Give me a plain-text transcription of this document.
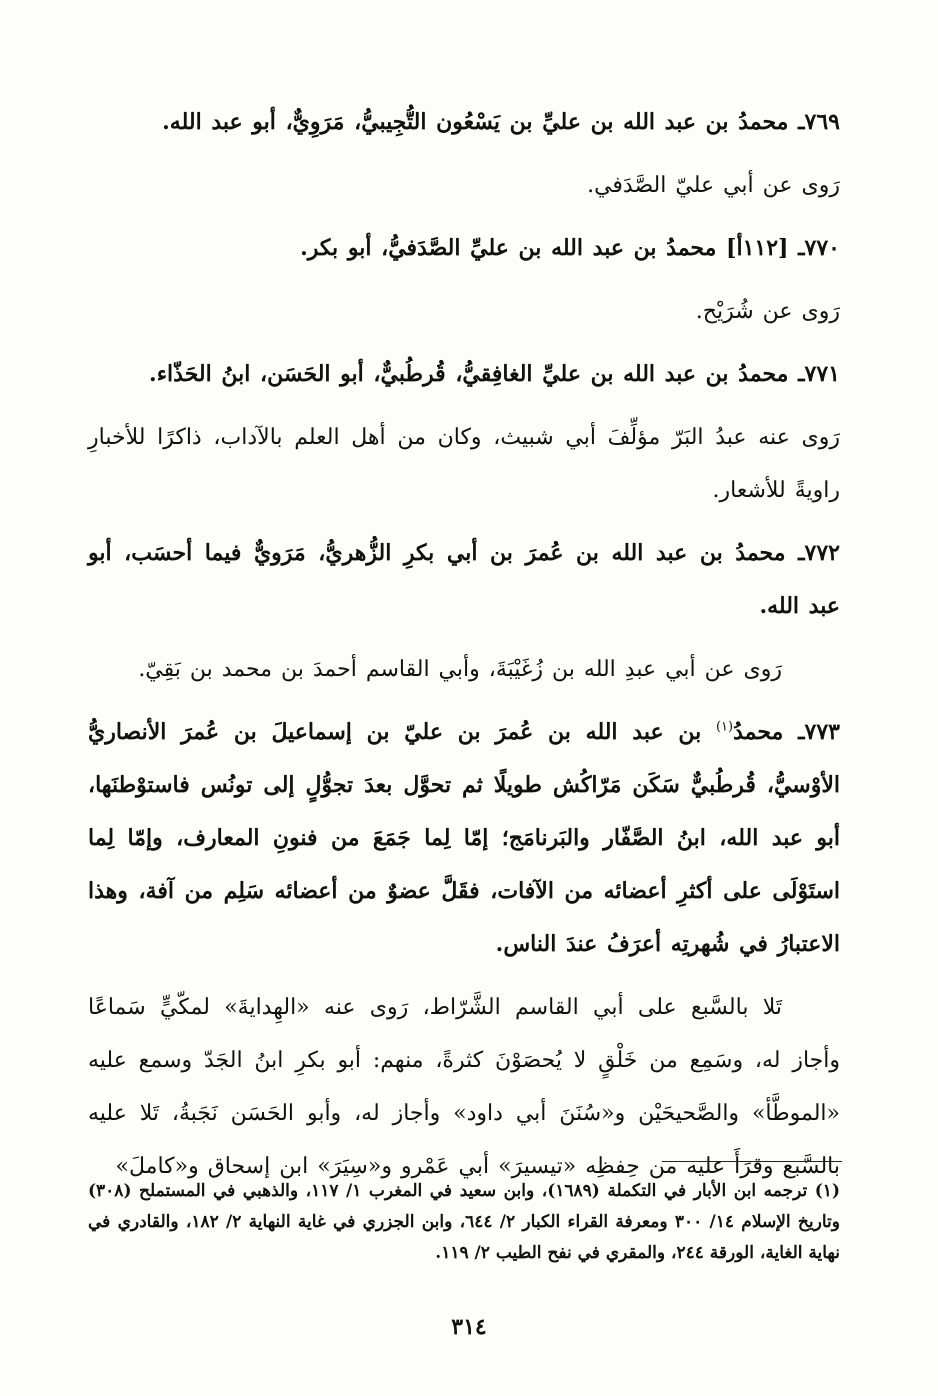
٧٦٩ـ محمدُ بن عبد الله بن عليِّ بن يَسْعُون التُّجِيبيُّ، مَرَوِيٌّ، أبو عبد الله.

رَوى عن أبي عليّ الصَّدَفي.

٧٧٠ـ [١١٢أ] محمدُ بن عبد الله بن عليِّ الصَّدَفيُّ، أبو بكر.

رَوى عن شُرَيْح.

٧٧١ـ محمدُ بن عبد الله بن عليِّ الغافِقيُّ، قُرطُبيٌّ، أبو الحَسَن، ابنُ الحَذّاء.

رَوى عنه عبدُ البَرّ مؤلِّفَ أبي شبيث، وكان من أهل العلم بالآداب، ذاكرًا للأخبارِ راويةً للأشعار.

٧٧٢ـ محمدُ بن عبد الله بن عُمرَ بن أبي بكرِ الزُّهريُّ، مَرَويٌّ فيما أحسَب، أبو عبد الله.

رَوى عن أبي عبدِ الله بن زُغَيْبَةَ، وأبي القاسم أحمدَ بن محمد بن بَقِيّ.

٧٧٣ـ محمدُ$^{(١)}$ بن عبد الله بن عُمرَ بن عليّ بن إسماعيلَ بن عُمرَ الأنصاريُّ الأوْسيُّ، قُرطُبيٌّ سَكَن مَرّاكُش طويلًا ثم تحوَّل بعدَ تجوُّلٍ إلى تونُس فاستوْطنَها، أبو عبد الله، ابنُ الصَّفّار والبَرنامَج؛ إمّا لِما جَمَعَ من فنونِ المعارف، وإمّا لِما استَوْلَى على أكثرِ أعضائه من الآفات، فقَلَّ عضوٌ من أعضائه سَلِم من آفة، وهذا الاعتبارُ في شُهرتِه أعرَفُ عندَ الناس.

تَلا بالسَّبع على أبي القاسم الشَّرّاط، رَوى عنه «الهِدايةَ» لمكّيٍّ سَماعًا وأجاز له، وسَمِع من خَلْقٍ لا يُحصَوْنَ كثرةً، منهم: أبو بكرِ ابنُ الجَدّ وسمع عليه «الموطَّأ» والصَّحيحَيْن و«سُنَنَ أبي داود» وأجاز له، وأبو الحَسَن نَجَبةُ، تَلا عليه بالسَّبع وقرَأَ عليه من حِفظِه «تيسيرَ» أبي عَمْرو و«سِيَرَ» ابن إسحاق و«كاملَ»

(١) ترجمه ابن الأبار في التكملة (١٦٨٩)، وابن سعيد في المغرب ١/ ١١٧، والذهبي في المستملح (٣٠٨) وتاريخ الإسلام ١٤/ ٣٠٠ ومعرفة القراء الكبار ٢/ ٦٤٤، وابن الجزري في غاية النهاية ٢/ ١٨٢، والقادري في نهاية الغاية، الورقة ٢٤٤، والمقري في نفح الطيب ٢/ ١١٩.
٣١٤
